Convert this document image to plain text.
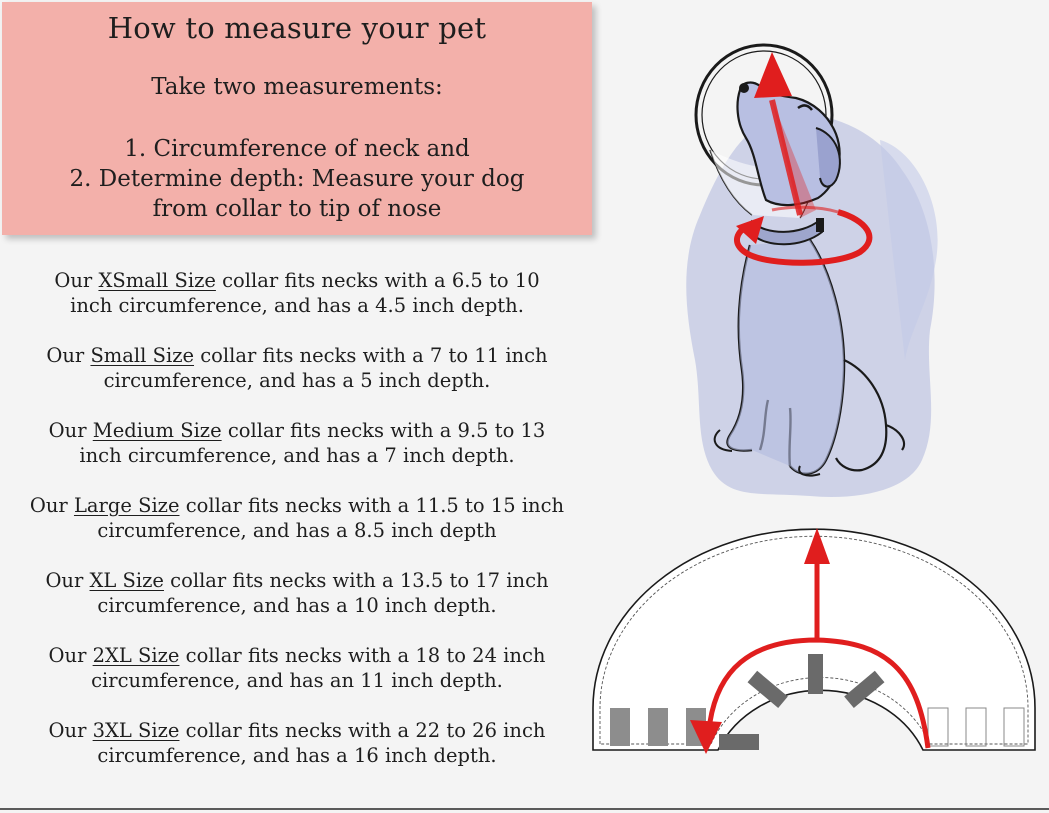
How to measure your pet
Take two measurements:
1. Circumference of neck and
2. Determine depth: Measure your dog
from collar to tip of nose
Our XSmall Size collar fits necks with a 6.5 to 10
inch circumference, and has a 4.5 inch depth.
Our Small Size collar fits necks with a 7 to 11 inch
circumference, and has a 5 inch depth.
Our Medium Size collar fits necks with a 9.5 to 13
inch circumference, and has a 7 inch depth.
Our Large Size collar fits necks with a 11.5 to 15 inch
circumference, and has a 8.5 inch depth
Our XL Size collar fits necks with a 13.5 to 17 inch
circumference, and has a 10 inch depth.
Our 2XL Size collar fits necks with a 18 to 24 inch
circumference, and has an 11 inch depth.
Our 3XL Size collar fits necks with a 22 to 26 inch
circumference, and has a 16 inch depth.
